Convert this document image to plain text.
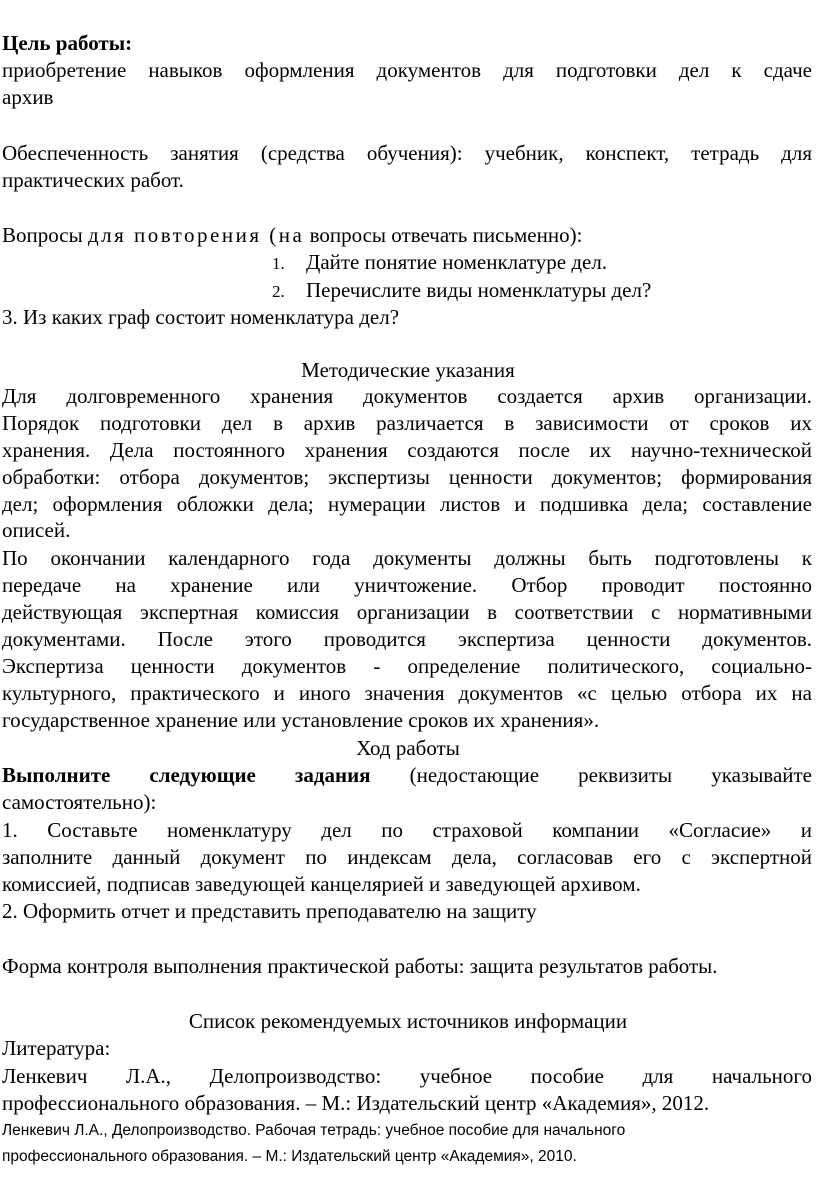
Цель работы:
приобретение навыков оформления документов для подготовки дел к сдаче
архив
Обеспеченность занятия (средства обучения): учебник, конспект, тетрадь для
практических работ.
Вопросы для повторения (на вопросы отвечать письменно):
1. Дайте понятие номенклатуре дел.
2. Перечислите виды номенклатуры дел?
3. Из каких граф состоит номенклатура дел?
Методические указания
Для долговременного хранения документов создается архив организации.
Порядок подготовки дел в архив различается в зависимости от сроков их
хранения. Дела постоянного хранения создаются после их научно-технической
обработки: отбора документов; экспертизы ценности документов; формирования
дел; оформления обложки дела; нумерации листов и подшивка дела; составление
описей.
По окончании календарного года документы должны быть подготовлены к
передаче на хранение или уничтожение. Отбор проводит постоянно
действующая экспертная комиссия организации в соответствии с нормативными
документами. После этого проводится экспертиза ценности документов.
Экспертиза ценности документов - определение политического, социально-
культурного, практического и иного значения документов «с целью отбора их на
государственное хранение или установление сроков их хранения».
Ход работы
Выполните следующие задания (недостающие реквизиты указывайте
самостоятельно):
1. Составьте номенклатуру дел по страховой компании «Согласие» и
заполните данный документ по индексам дела, согласовав его с экспертной
комиссией, подписав заведующей канцелярией и заведующей архивом.
2. Оформить отчет и представить преподавателю на защиту
Форма контроля выполнения практической работы: защита результатов работы.
Список рекомендуемых источников информации
Литература:
Ленкевич Л.А., Делопроизводство: учебное пособие для начального
профессионального образования. – М.: Издательский центр «Академия», 2012.
Ленкевич Л.А., Делопроизводство. Рабочая тетрадь: учебное пособие для начального
профессионального образования. – М.: Издательский центр «Академия», 2010.
